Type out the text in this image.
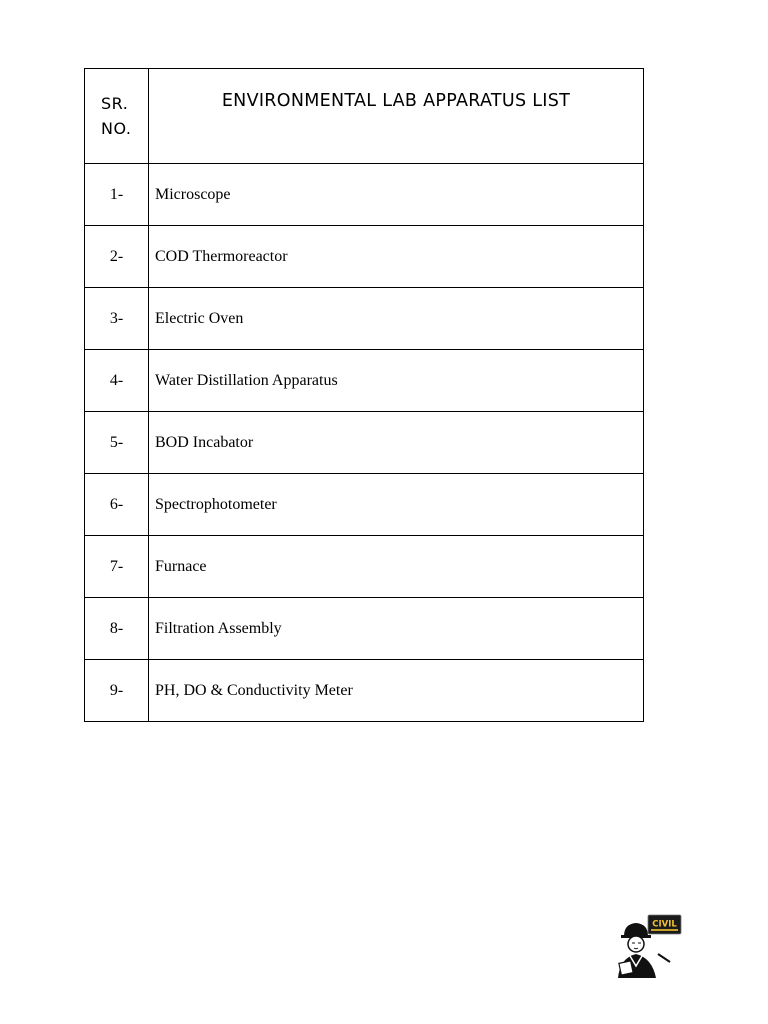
SR.
NO.	ENVIRONMENTAL LAB APPARATUS LIST
1-	Microscope
2-	COD Thermoreactor
3-	Electric Oven
4-	Water Distillation Apparatus
5-	BOD Incabator
6-	Spectrophotometer
7-	Furnace
8-	Filtration Assembly
9-	PH, DO & Conductivity Meter
CIVIL
